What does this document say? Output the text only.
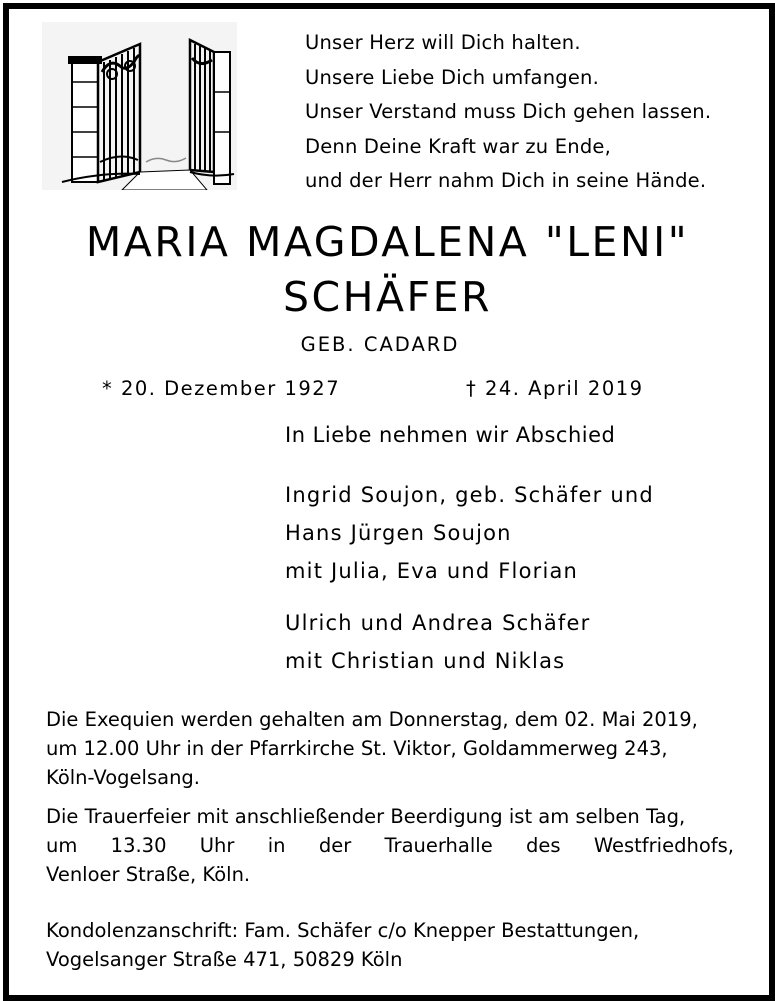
Unser Herz will Dich halten.
Unsere Liebe Dich umfangen.
Unser Verstand muss Dich gehen lassen.
Denn Deine Kraft war zu Ende,
und der Herr nahm Dich in seine Hände.
MARIA MAGDALENA "LENI"
SCHÄFER
GEB. CADARD
* 20. Dezember 1927	† 24. April 2019
In Liebe nehmen wir Abschied
Ingrid Soujon, geb. Schäfer und
Hans Jürgen Soujon
mit Julia, Eva und Florian
Ulrich und Andrea Schäfer
mit Christian und Niklas
Die Exequien werden gehalten am Donnerstag, dem 02. Mai 2019,
um 12.00 Uhr in der Pfarrkirche St. Viktor, Goldammerweg 243,
Köln-Vogelsang.
Die Trauerfeier mit anschließender Beerdigung ist am selben Tag,
um 13.30 Uhr in der Trauerhalle des Westfriedhofs,
Venloer Straße, Köln.
Kondolenzanschrift: Fam. Schäfer c/o Knepper Bestattungen,
Vogelsanger Straße 471, 50829 Köln
